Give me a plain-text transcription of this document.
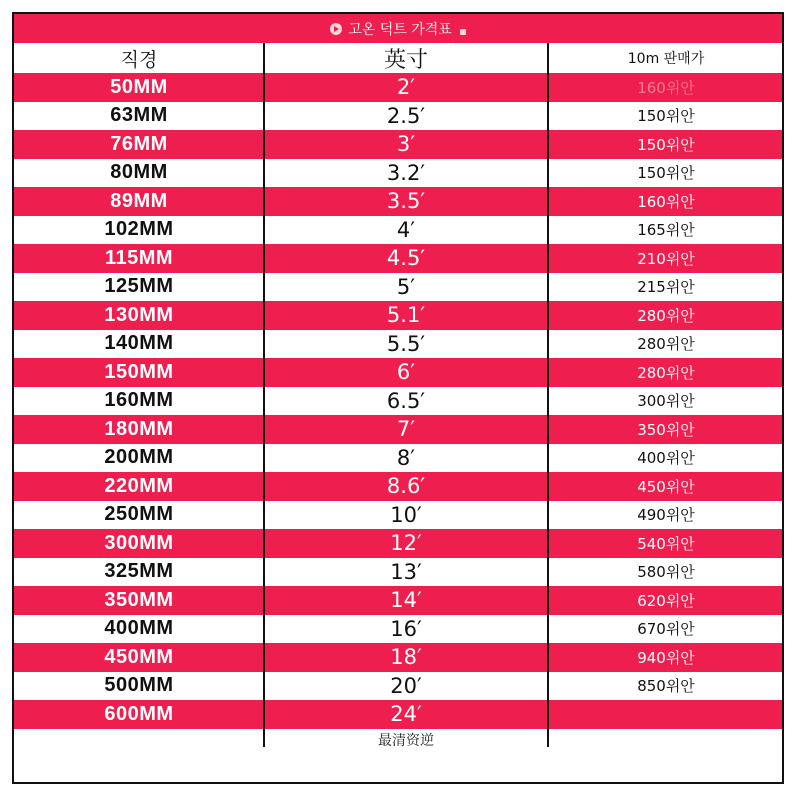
고온 덕트 가격표
직경	英寸	10m 판매가
50MM	2′	160위안
63MM	2.5′	150위안
76MM	3′	150위안
80MM	3.2′	150위안
89MM	3.5′	160위안
102MM	4′	165위안
115MM	4.5′	210위안
125MM	5′	215위안
130MM	5.1′	280위안
140MM	5.5′	280위안
150MM	6′	280위안
160MM	6.5′	300위안
180MM	7′	350위안
200MM	8′	400위안
220MM	8.6′	450위안
250MM	10′	490위안
300MM	12′	540위안
325MM	13′	580위안
350MM	14′	620위안
400MM	16′	670위안
450MM	18′	940위안
500MM	20′	850위안
600MM	24′
最清资逆
